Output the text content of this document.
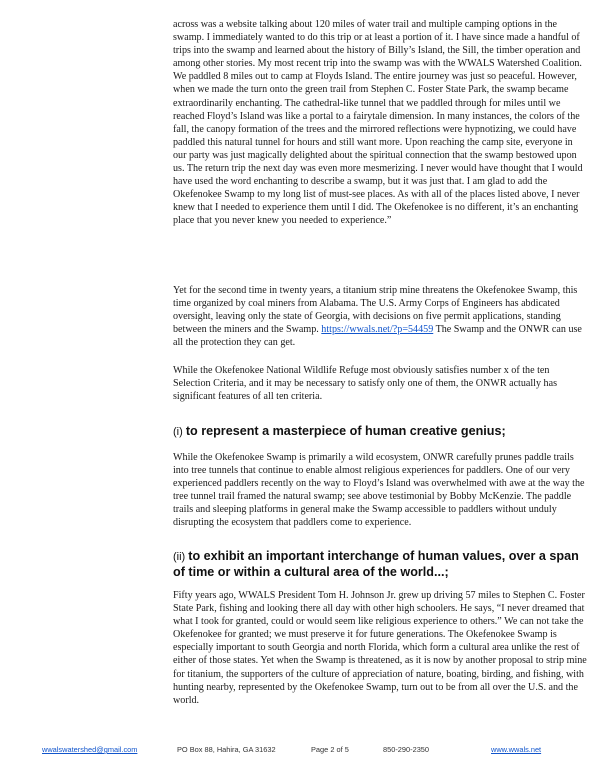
across was a website talking about 120 miles of water trail and multiple camping options in the swamp. I immediately wanted to do this trip or at least a portion of it. I have since made a handful of trips into the swamp and learned about the history of Billy’s Island, the Sill, the timber operation and among other stories. My most recent trip into the swamp was with the WWALS Watershed Coalition. We paddled 8 miles out to camp at Floyds Island. The entire journey was just so peaceful. However, when we made the turn onto the green trail from Stephen C. Foster State Park, the swamp became extraordinarily enchanting. The cathedral-like tunnel that we paddled through for miles until we reached Floyd’s Island was like a portal to a fairytale dimension. In many instances, the colors of the fall, the canopy formation of the trees and the mirrored reflections were hypnotizing, we could have paddled this natural tunnel for hours and still want more. Upon reaching the camp site, everyone in our party was just magically delighted about the spiritual connection that the swamp bestowed upon us. The return trip the next day was even more mesmerizing. I never would have thought that I would have used the word enchanting to describe a swamp, but it was just that. I am glad to add the Okefenokee Swamp to my long list of must-see places. As with all of the places listed above, I never knew that I needed to experience them until I did. The Okefenokee is no different, it’s an enchanting place that you never knew you needed to experience.”

Yet for the second time in twenty years, a titanium strip mine threatens the Okefenokee Swamp, this time organized by coal miners from Alabama. The U.S. Army Corps of Engineers has abdicated oversight, leaving only the state of Georgia, with decisions on five permit applications, standing between the miners and the Swamp. https://wwals.net/?p=54459 The Swamp and the ONWR can use all the protection they can get.

While the Okefenokee National Wildlife Refuge most obviously satisfies number x of the ten Selection Criteria, and it may be necessary to satisfy only one of them, the ONWR actually has significant features of all ten criteria.

(i) to represent a masterpiece of human creative genius;

While the Okefenokee Swamp is primarily a wild ecosystem, ONWR carefully prunes paddle trails into tree tunnels that continue to enable almost religious experiences for paddlers. One of our very experienced paddlers recently on the way to Floyd’s Island was overwhelmed with awe at the way the tree tunnel trail framed the natural swamp; see above testimonial by Bobby McKenzie. The paddle trails and sleeping platforms in general make the Swamp accessible to paddlers without unduly disrupting the ecosystem that paddlers come to experience.

(ii) to exhibit an important interchange of human values, over a span of time or within a cultural area of the world...;

Fifty years ago, WWALS President Tom H. Johnson Jr. grew up driving 57 miles to Stephen C. Foster State Park, fishing and looking there all day with other high schoolers. He says, “I never dreamed that what I took for granted, could or would seem like religious experience to others.” We can not take the Okefenokee for granted; we must preserve it for future generations. The Okefenokee Swamp is especially important to south Georgia and north Florida, which form a cultural area unlike the rest of either of those states. Yet when the Swamp is threatened, as it is now by another proposal to strip mine for titanium, the supporters of the culture of appreciation of nature, boating, birding, and fishing, with hunting nearby, represented by the Okefenokee Swamp, turn out to be from all over the U.S. and the world.

wwalswatershed@gmail.com	PO Box 88, Hahira, GA 31632	Page 2 of 5	850-290-2350	www.wwals.net
